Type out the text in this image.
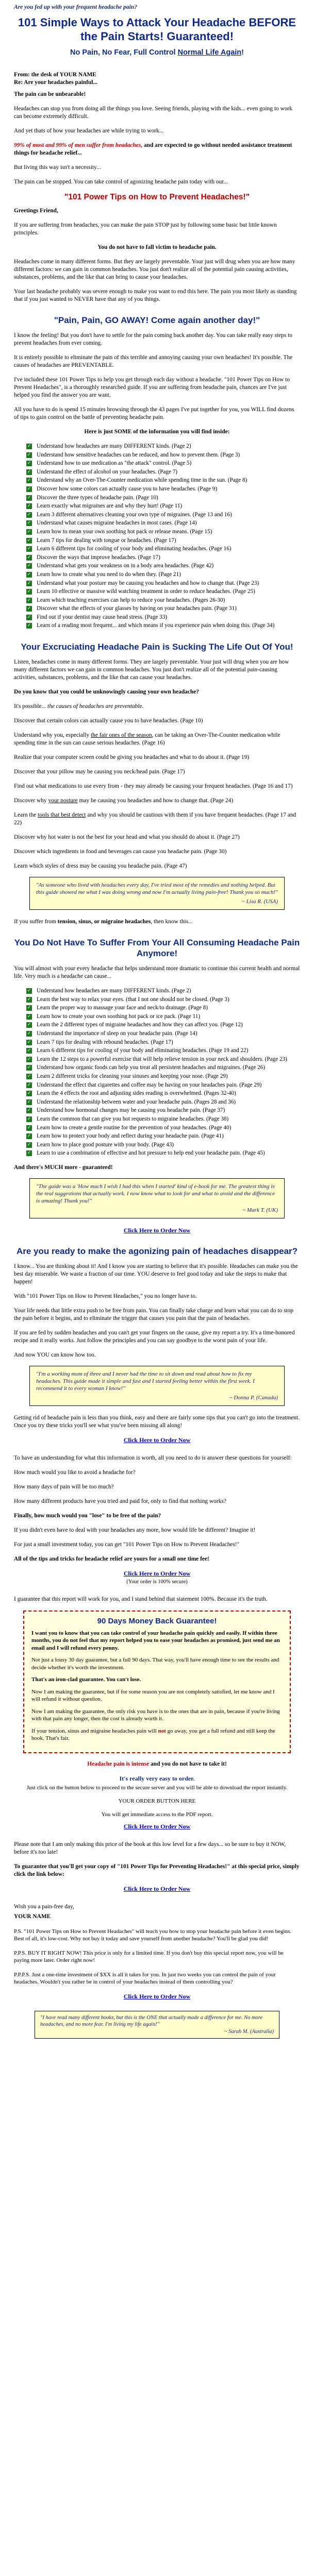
Are you fed up with your frequent headache pain?
101 Simple Ways to Attack Your Headache BEFORE the Pain Starts! Guaranteed!
No Pain, No Fear, Full Control Normal Life Again!

From: the desk of YOUR NAME
Re: Are your headaches painful...

The pain can be unbearable!

Headaches can stop you from doing all the things you love. Seeing friends, playing with the kids... even going to work can become extremely difficult.

And yet thats of how your headaches are while trying to work...

99% of most and 99% of men suffer from headaches, and are expected to go without needed assistance treatment things for headache relief...

But living this way isn't a necessity...

The pain can be stopped. You can take control of agonizing headache pain today with our...

"101 Power Tips on How to Prevent Headaches!"

Greetings Friend,

If you are suffering from headaches, you can make the pain STOP just by following some basic but little known principles.

You do not have to fall victim to headache pain.

Headaches come in many different forms. But they are largely preventable. Your just will drug when you are how many different factors: we can gain in common headaches. You just don't realize all of the potential pain causing activities, substances, problems, and the like that can bring to cause your headaches.

Your last headache probably was severe enough to make you want to end this here. The pain you most likely as standing that if you just wanted to NEVER have that any of you things.

"Pain, Pain, GO AWAY! Come again another day!"

I know the feeling! But you don't have to settle for the pain coming back another day. You can take really easy steps to prevent headaches from ever coming.

It is entirely possible to eliminate the pain of this terrible and annoying causing your own headaches! It's possible. The causes of headaches are PREVENTABLE.

I've included these 101 Power Tips to help you get through each day without a headache. "101 Power Tips on How to Prevent Headaches", is a thoroughly researched guide. If you are suffering from headache pain, chances are I've just helped you find the answer you are want.

All you have to do is spend 15 minutes browsing through the 43 pages I've put together for you, you WILL find dozens of tips to gain control on the battle of preventing headache pain.

Here is just SOME of the information you will find inside:

✓ Understand how headaches are many DIFFERENT kinds. (Page 2)
✓ Understand how sensitive headaches can be reduced, and how to prevent them. (Page 3)
✓ Understand how to use medication as "the attack" control. (Page 5)
✓ Understand the effect of alcohol on your headaches. (Page 7)
✓ Understand why an Over-The-Counter medication while spending time in the sun. (Page 8)
✓ Discover how some colors can actually cause you to have headaches. (Page 9)
✓ Discover the three types of headache pain. (Page 10)
✓ Learn exactly what migraines are and why they hurt! (Page 11)
✓ Learn 3 different alternatives cleaning your own type of migraines. (Page 13 and 16)
✓ Understand what causes migraine headaches in most cases. (Page 14)
✓ Learn how to mean your own soothing hot pack or release means. (Page 15)
✓ Learn 7 tips for dealing with tongue or headaches. (Page 17)
✓ Learn 6 different tips for cooling of your body and eliminating headaches. (Page 16)
✓ Discover the ways that improve headaches. (Page 17)
✓ Understand what gets your weakness on in a body area headaches. (Page 42)
✓ Learn how to create what you need to do when they. (Page 21)
✓ Understand what your posture may be causing you headaches and how to change that. (Page 23)
✓ Learn 10 effective or massive wild watching treatment in order to reduce headaches. (Page 25)
✓ Learn which teaching exercises can help to reduce your headaches. (Pages 26-30)
✓ Discover what the effects of your glasses by having on your headaches pain. (Page 31)
✓ Find out if your dentist may cause head stress. (Page 33)
✓ Learn of a reading most frequent... and which means if you experience pain when doing this. (Page 34)
Your Excruciating Headache Pain is Sucking The Life Out Of You!

Listen, headaches come in many different forms. They are largely preventable. Your just will drug when you are how many different factors we can gain in common headaches. You just don't realize all of the potential pain-causing activities, substances, problems, and the like that can cause your headaches.

Do you know that you could be unknowingly causing your own headache?

It's possible... the causes of headaches are preventable.

Discover that certain colors can actually cause you to have headaches. (Page 10)

Understand why you, especially the fair ones of the season, can be taking an Over-The-Counter medication while spending time in the sun can cause serious headaches. (Page 16)

Realize that your computer screen could be giving you headaches and what to do about it. (Page 19)

Discover that your pillow may be causing you neck/head pain. (Page 17)

Find out what medications to use every from - they may already be causing your frequent headaches. (Page 16 and 17)

Discover why your posture may be causing you headaches and how to change that. (Page 24)

Learn the tools that best detect and why you should be cautious with them if you have frequent headaches. (Page 17 and 22)

Discover why hot water is not the best for your head and what you should do about it. (Page 27)

Discover which ingredients in food and beverages can cause you headache pain. (Page 30)

Learn which styles of dress may be causing you headache pain. (Page 47)

"As someone who lived with headaches every day, I've tried most of the remedies and nothing helped. But this guide showed me what I was doing wrong and now I'm actually living pain-free! Thank you so much!"
~ Lisa R. (USA)

If you suffer from tension, sinus, or migraine headaches, then know this...

You Do Not Have To Suffer From Your All Consuming Headache Pain Anymore!

You will almost with your every headache that helps understand more dramatic to continue this current health and normal life. Very much is a headache can cause...

✓ Understand how headaches are many DIFFERENT kinds. (Page 2)
✓ Learn the best way to relax your eyes. (that I not one should not be closed. (Page 3)
✓ Learn the proper way to massage your face and neck/to drainage. (Page 8)
✓ Learn how to create your own soothing hot pack or ice pack. (Page 11)
✓ Learn the 2 different types of migraine headaches and how they can affect you. (Page 12)
✓ Understand the importance of sleep on your headache pain. (Page 14)
✓ Learn 7 tips for dealing with rebound headaches. (Page 17)
✓ Learn 6 different tips for cooling of your body and eliminating headaches. (Page 19 and 22)
✓ Learn the 12 steps to a powerful exercise that will help relieve tension in your neck and shoulders. (Page 23)
✓ Understand how organic foods can help you treat all persistent headaches and migraines. (Page 26)
✓ Learn 2 different tricks for cleaning your sinuses and keeping your nose. (Page 29)
✓ Understand the effect that cigarettes and coffee may be having on your headaches pain. (Page 29)
✓ Learn the 4 effects the root and adjusting sides reading is overwhelmed. (Pages 32-40)
✓ Understand the relationship between water and your headache pain. (Pages 28 and 36)
✓ Understand how hormonal changes may be causing you headache pain. (Page 37)
✓ Learn the common that can give you hot requests to migraine headaches. (Page 38)
✓ Learn how to create a gentle routine for the prevention of your headaches. (Page 40)
✓ Learn how to protect your body and reflect during your headache pain. (Page 41)
✓ Learn how to place good posture with your body. (Page 43)
✓ Learn to use a combination of effective and hot pressure to help end your headache pain. (Page 45)

And there's MUCH more - guaranteed!

"The guide was a 'How much I wish I had this when I started' kind of e-book for me. The greatest thing is the real suggestions that actually work. I now know what to look for and what to avoid and the difference is amazing! Thank you!"
~ Mark T. (UK)
Click Here to Order Now
Are you ready to make the agonizing pain of headaches disappear?

I know... You are thinking about it! And I know you are starting to believe that it's possible. Headaches can make you the best day miserable. We waste a fraction of our time. YOU deserve to feel good today and take the steps to make that happen!

With "101 Power Tips on How to Prevent Headaches," you no longer have to.

Your life needs that little extra push to be free from pain. You can finally take charge and learn what you can do to stop the pain before it begins, and to eliminate the trigger that causes you pain that the pain of headaches.

If you are fed by sudden headaches and you can't get your fingers on the cause, give my report a try. It's a time-honored recipe and it really works. Just follow the principles and you can say goodbye to the worst pain of your life.

And now YOU can know how too.

"I'm a working mom of three and I never had the time to sit down and read about how to fix my headaches. This guide made it simple and fast and I started feeling better within the first week. I recommend it to every woman I know!"
~ Donna P. (Canada)

Getting rid of headache pain is less than you think, easy and there are fairly some tips that you can't go into the treatment. Once you try these tricks you'll see what you've been missing all along!

Click Here to Order Now

To have an understanding for what this information is worth, all you need to do is answer these questions for yourself:

How much would you like to avoid a headache for?

How many days of pain will be too much?

How many different products have you tried and paid for, only to find that nothing works?

Finally, how much would you "lose" to be free of the pain?

If you didn't even have to deal with your headaches any more, how would life be different? Imagine it!

For just a small investment today, you can get "101 Power Tips on How to Prevent Headaches!"

All of the tips and tricks for headache relief are yours for a small one time fee!

Click Here to Order Now
(Your order is 100% secure)

I guarantee that this report will work for you, and I stand behind that statement 100%. Because it's the truth.

90 Days Money Back Guarantee!

I want you to know that you can take control of your headache pain quickly and easily. If within three months, you do not feel that my report helped you to ease your headaches as promised, just send me an email and I will refund every penny.

Not just a lousy 30 day guarantee, but a full 90 days. That way, you'll have enough time to see the results and decide whether it's worth the investment.

That's an iron-clad guarantee. You can't lose.

Now I am making the guarantee, but if for some reason you are not completely satisfied, let me know and I will refund it without question.

Now I am making the guarantee, the only risk you have is to the ones that are in pain, because if you're living with that pain any longer, then the cost is already worth it.

If your tension, sinus and migraine headaches pain will not go away, you get a full refund and still keep the book. That's fair.

Headache pain is intense and you do not have to take it!

It's really very easy to order.
Just click on the button below to proceed to the secure server and you will be able to download the report instantly.
YOUR ORDER BUTTON HERE
You will get immediate access to the PDF report.
Click Here to Order Now

Please note that I am only making this price of the book at this low level for a few days... so be sure to buy it NOW, before it's too late!

To guarantee that you'll get your copy of "101 Power Tips for Preventing Headaches!" at this special price, simply click the link below:

Click Here to Order Now

Wish you a pain-free day,

YOUR NAME

P.S. "101 Power Tips on How to Prevent Headaches" will teach you how to stop your headache pain before it even begins. Best of all, it's low-cost. Why not buy it today and save yourself from another headache? You'll be glad you did!

P.P.S. BUY IT RIGHT NOW! This price is only for a limited time. If you don't buy this special report now, you will be paying more later. Order right now!

P.P.P.S. Just a one-time investment of $XX is all it takes for you. In just two weeks you can control the pain of your headaches. Wouldn't you rather be in control of your headaches instead of them controlling you?

Click Here to Order Now
"I have read many different books, but this is the ONE that actually made a difference for me. No more headaches, and no more fear. I'm living my life again!"
~ Sarah M. (Australia)
